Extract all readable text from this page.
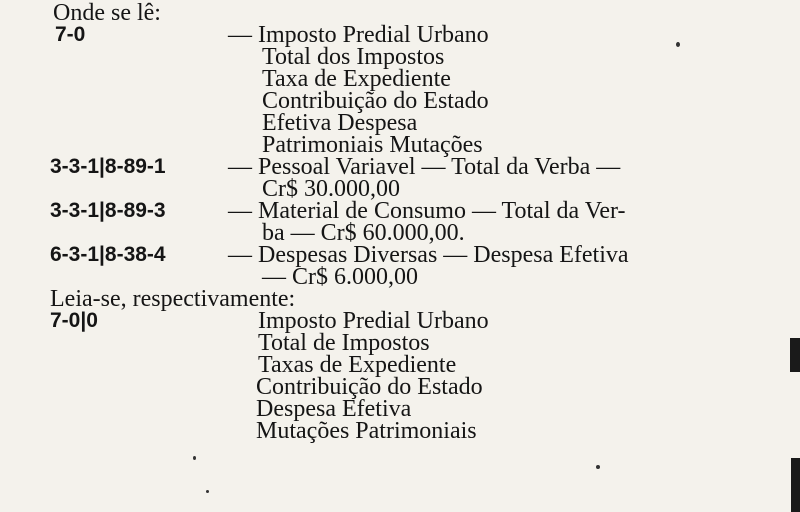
Onde se lê:
7-0	— Imposto Predial Urbano
Total dos Impostos
Taxa de Expediente
Contribuição do Estado
Efetiva Despesa
Patrimoniais Mutações
3-3-1|8-89-1	— Pessoal Variavel — Total da Verba —
Cr$ 30.000,00
3-3-1|8-89-3	— Material de Consumo — Total da Ver-
ba — Cr$ 60.000,00.
6-3-1|8-38-4	— Despesas Diversas — Despesa Efetiva
— Cr$ 6.000,00
Leia-se, respectivamente:
7-0|0	Imposto Predial Urbano
Total de Impostos
Taxas de Expediente
Contribuição do Estado
Despesa Efetiva
Mutações Patrimoniais
